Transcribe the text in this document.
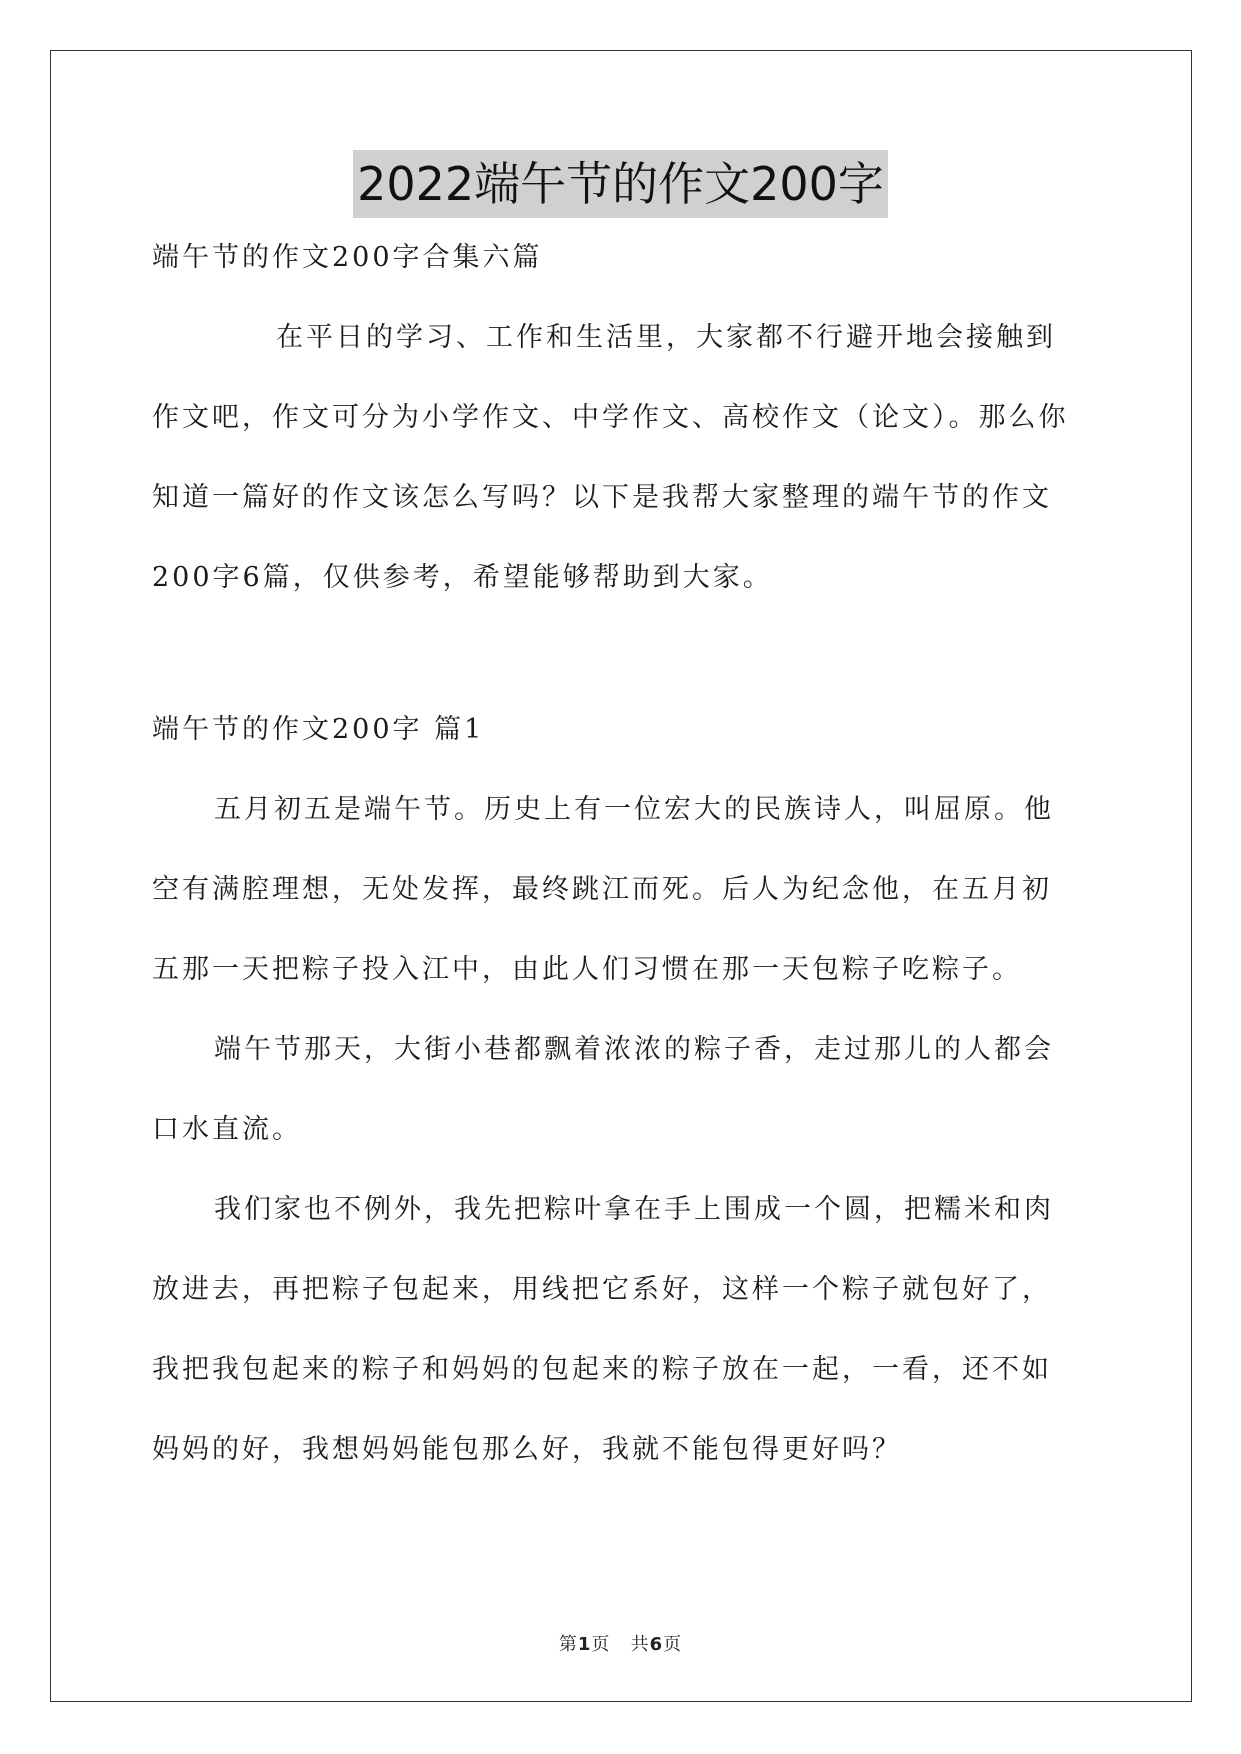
2022端午节的作文200字
端午节的作文200字合集六篇
在平日的学习、工作和生活里，大家都不行避开地会接触到
作文吧，作文可分为小学作文、中学作文、高校作文（论文）。那么你
知道一篇好的作文该怎么写吗？以下是我帮大家整理的端午节的作文
200字6篇，仅供参考，希望能够帮助到大家。
端午节的作文200字 篇1
五月初五是端午节。历史上有一位宏大的民族诗人，叫屈原。他
空有满腔理想，无处发挥，最终跳江而死。后人为纪念他，在五月初
五那一天把粽子投入江中，由此人们习惯在那一天包粽子吃粽子。
端午节那天，大街小巷都飘着浓浓的粽子香，走过那儿的人都会
口水直流。
我们家也不例外，我先把粽叶拿在手上围成一个圆，把糯米和肉
放进去，再把粽子包起来，用线把它系好，这样一个粽子就包好了，
我把我包起来的粽子和妈妈的包起来的粽子放在一起，一看，还不如
妈妈的好，我想妈妈能包那么好，我就不能包得更好吗？
第1页 共6页
